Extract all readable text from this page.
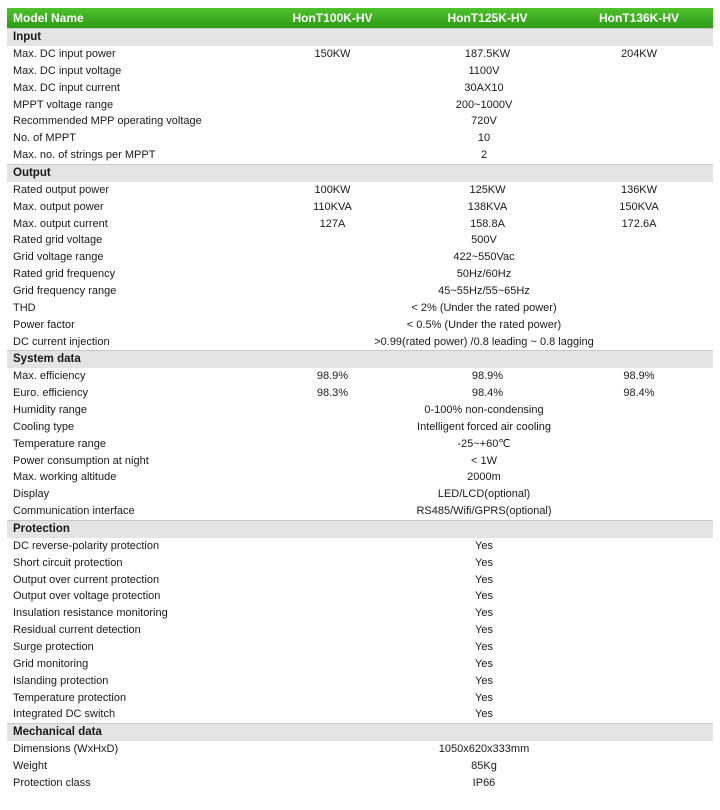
Model Name	HonT100K-HV	HonT125K-HV	HonT136K-HV
Input
Max. DC input power	150KW	187.5KW	204KW
Max. DC input voltage	1100V
Max. DC input current	30AX10
MPPT voltage range	200~1000V
Recommended MPP operating voltage	720V
No. of MPPT	10
Max. no. of strings per MPPT	2
Output
Rated output power	100KW	125KW	136KW
Max. output power	110KVA	138KVA	150KVA
Max. output current	127A	158.8A	172.6A
Rated grid voltage	500V
Grid voltage range	422~550Vac
Rated grid frequency	50Hz/60Hz
Grid frequency range	45~55Hz/55~65Hz
THD	< 2% (Under the rated power)
Power factor	< 0.5% (Under the rated power)
DC current injection	>0.99(rated power) /0.8 leading ~ 0.8 lagging
System data
Max. efficiency	98.9%	98.9%	98.9%
Euro. efficiency	98.3%	98.4%	98.4%
Humidity range	0-100% non-condensing
Cooling type	Intelligent forced air cooling
Temperature range	-25~+60℃
Power consumption at night	< 1W
Max. working altitude	2000m
Display	LED/LCD(optional)
Communication interface	RS485/Wifi/GPRS(optional)
Protection
DC reverse-polarity protection	Yes
Short circuit protection	Yes
Output over current protection	Yes
Output over voltage protection	Yes
Insulation resistance monitoring	Yes
Residual current detection	Yes
Surge protection	Yes
Grid monitoring	Yes
Islanding protection	Yes
Temperature protection	Yes
Integrated DC switch	Yes
Mechanical data
Dimensions (WxHxD)	1050x620x333mm
Weight	85Kg
Protection class	IP66
